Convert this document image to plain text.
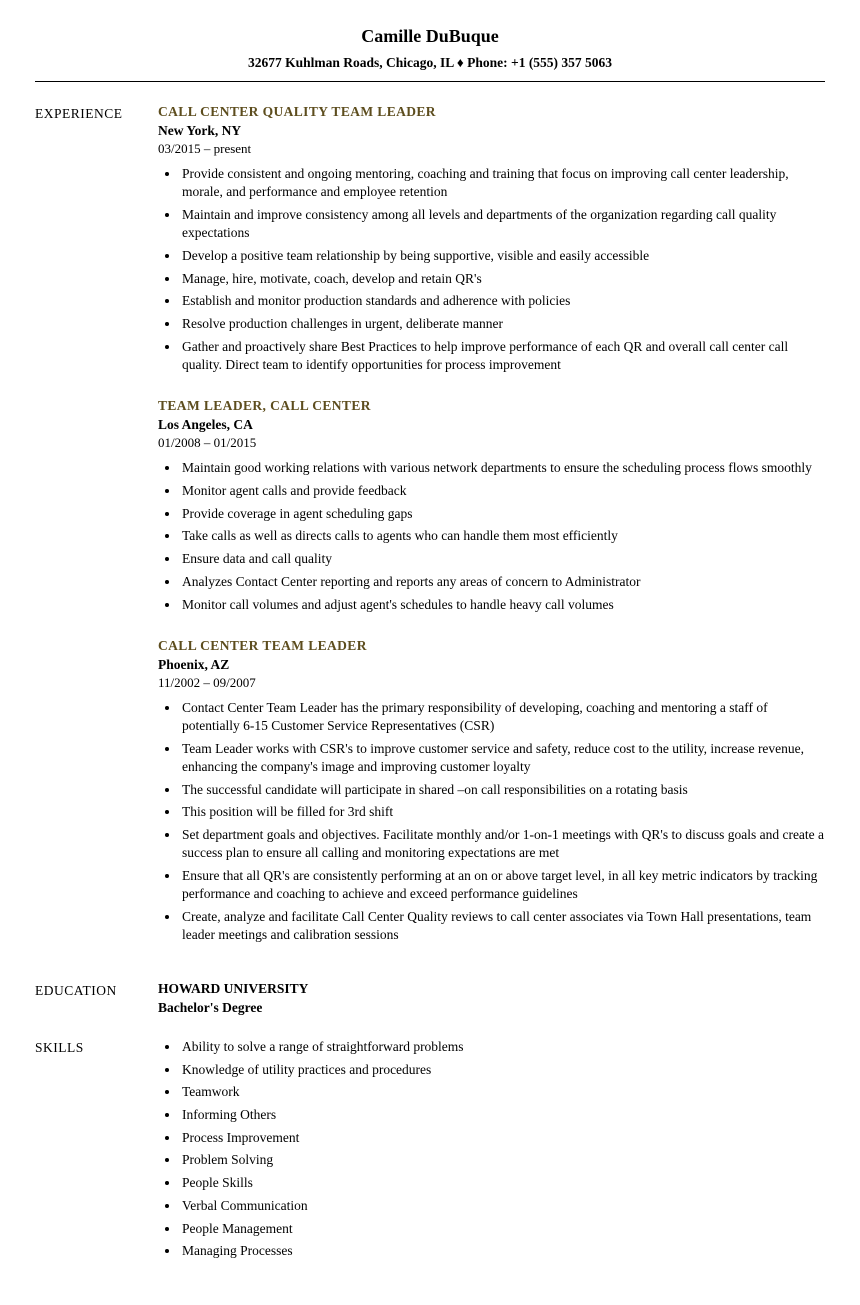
Camille DuBuque
32677 Kuhlman Roads, Chicago, IL ♦ Phone: +1 (555) 357 5063
EXPERIENCE	CALL CENTER QUALITY TEAM LEADER
New York, NY
03/2015 – present
• Provide consistent and ongoing mentoring, coaching and training that focus on improving call center leadership, morale, and performance and employee retention
• Maintain and improve consistency among all levels and departments of the organization regarding call quality expectations
• Develop a positive team relationship by being supportive, visible and easily accessible
• Manage, hire, motivate, coach, develop and retain QR's
• Establish and monitor production standards and adherence with policies
• Resolve production challenges in urgent, deliberate manner
• Gather and proactively share Best Practices to help improve performance of each QR and overall call center call quality. Direct team to identify opportunities for process improvement
TEAM LEADER, CALL CENTER
Los Angeles, CA
01/2008 – 01/2015
• Maintain good working relations with various network departments to ensure the scheduling process flows smoothly
• Monitor agent calls and provide feedback
• Provide coverage in agent scheduling gaps
• Take calls as well as directs calls to agents who can handle them most efficiently
• Ensure data and call quality
• Analyzes Contact Center reporting and reports any areas of concern to Administrator
• Monitor call volumes and adjust agent's schedules to handle heavy call volumes
CALL CENTER TEAM LEADER
Phoenix, AZ
11/2002 – 09/2007
• Contact Center Team Leader has the primary responsibility of developing, coaching and mentoring a staff of potentially 6-15 Customer Service Representatives (CSR)
• Team Leader works with CSR's to improve customer service and safety, reduce cost to the utility, increase revenue, enhancing the company's image and improving customer loyalty
• The successful candidate will participate in shared –on call responsibilities on a rotating basis
• This position will be filled for 3rd shift
• Set department goals and objectives. Facilitate monthly and/or 1-on-1 meetings with QR's to discuss goals and create a success plan to ensure all calling and monitoring expectations are met
• Ensure that all QR's are consistently performing at an on or above target level, in all key metric indicators by tracking performance and coaching to achieve and exceed performance guidelines
• Create, analyze and facilitate Call Center Quality reviews to call center associates via Town Hall presentations, team leader meetings and calibration sessions
EDUCATION	HOWARD UNIVERSITY
Bachelor's Degree
SKILLS	• Ability to solve a range of straightforward problems
• Knowledge of utility practices and procedures
• Teamwork
• Informing Others
• Process Improvement
• Problem Solving
• People Skills
• Verbal Communication
• People Management
• Managing Processes
